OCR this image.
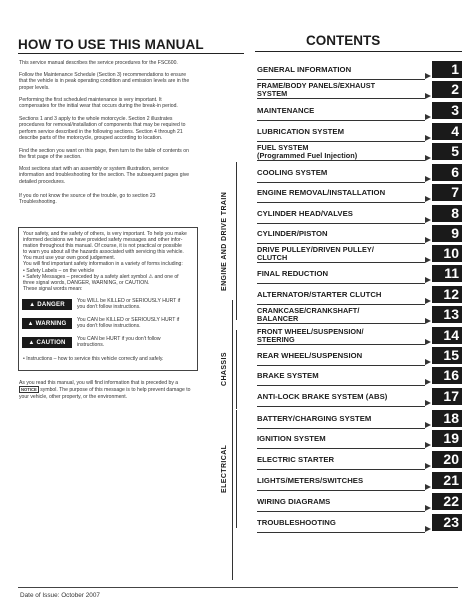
HOW TO USE THIS MANUAL
This service manual describes the service procedures for the FSC600.
Follow the Maintenance Schedule (Section 3) recommendations to ensure
that the vehicle is in peak operating condition and emission levels are in the
proper levels.
Performing the first scheduled maintenance is very important. It
compensates for the initial wear that occurs during the break-in period.
Sections 1 and 3 apply to the whole motorcycle. Section 2 illustrates
procedures for removal/installation of components that may be required to
perform service described in the following sections. Section 4 through 21
describe parts of the motorcycle, grouped according to location.
Find the section you want on this page, then turn to the table of contents on
the first page of the section.
Most sections start with an assembly or system illustration, service
information and troubleshooting for the section. The subsequent pages give
detailed procedures.
If you do not know the source of the trouble, go to section 23
Troubleshooting.
Your safety, and the safety of others, is very important. To help you make
informed decisions we have provided safety messages and other infor-
mation throughout this manual. Of course, it is not practical or possible
to warn you about all the hazards associated with servicing this vehicle.
You must use your own good judgement.
You will find important safety information in a variety of forms including:
• Safety Labels – on the vehicle
• Safety Messages – preceded by a safety alert symbol ⚠ and one of
three signal words, DANGER, WARNING, or CAUTION.
These signal words mean:
▲ DANGER	You WILL be KILLED or SERIOUSLY HURT if
you don't follow instructions.
▲ WARNING	You CAN be KILLED or SERIOUSLY HURT if
you don't follow instructions.
▲ CAUTION	You CAN be HURT if you don't follow
instructions.
• Instructions – how to service this vehicle correctly and safely.
As you read this manual, you will find information that is preceded by a
NOTICE symbol. The purpose of this message is to help prevent damage to
your vehicle, other property, or the environment.
CONTENTS
GENERAL INFORMATION	1
FRAME/BODY PANELS/EXHAUST
SYSTEM	2
MAINTENANCE	3
LUBRICATION SYSTEM	4
FUEL SYSTEM
(Programmed Fuel Injection)	5
COOLING SYSTEM	6
ENGINE REMOVAL/INSTALLATION	7
CYLINDER HEAD/VALVES	8
CYLINDER/PISTON	9
DRIVE PULLEY/DRIVEN PULLEY/
CLUTCH	10
FINAL REDUCTION	11
ALTERNATOR/STARTER CLUTCH	12
CRANKCASE/CRANKSHAFT/
BALANCER	13
FRONT WHEEL/SUSPENSION/
STEERING	14
REAR WHEEL/SUSPENSION	15
BRAKE SYSTEM	16
ANTI-LOCK BRAKE SYSTEM (ABS)	17
BATTERY/CHARGING SYSTEM	18
IGNITION SYSTEM	19
ELECTRIC STARTER	20
LIGHTS/METERS/SWITCHES	21
WIRING DIAGRAMS	22
TROUBLESHOOTING	23
ENGINE AND DRIVE TRAIN
CHASSIS
ELECTRICAL
Date of Issue: October 2007
